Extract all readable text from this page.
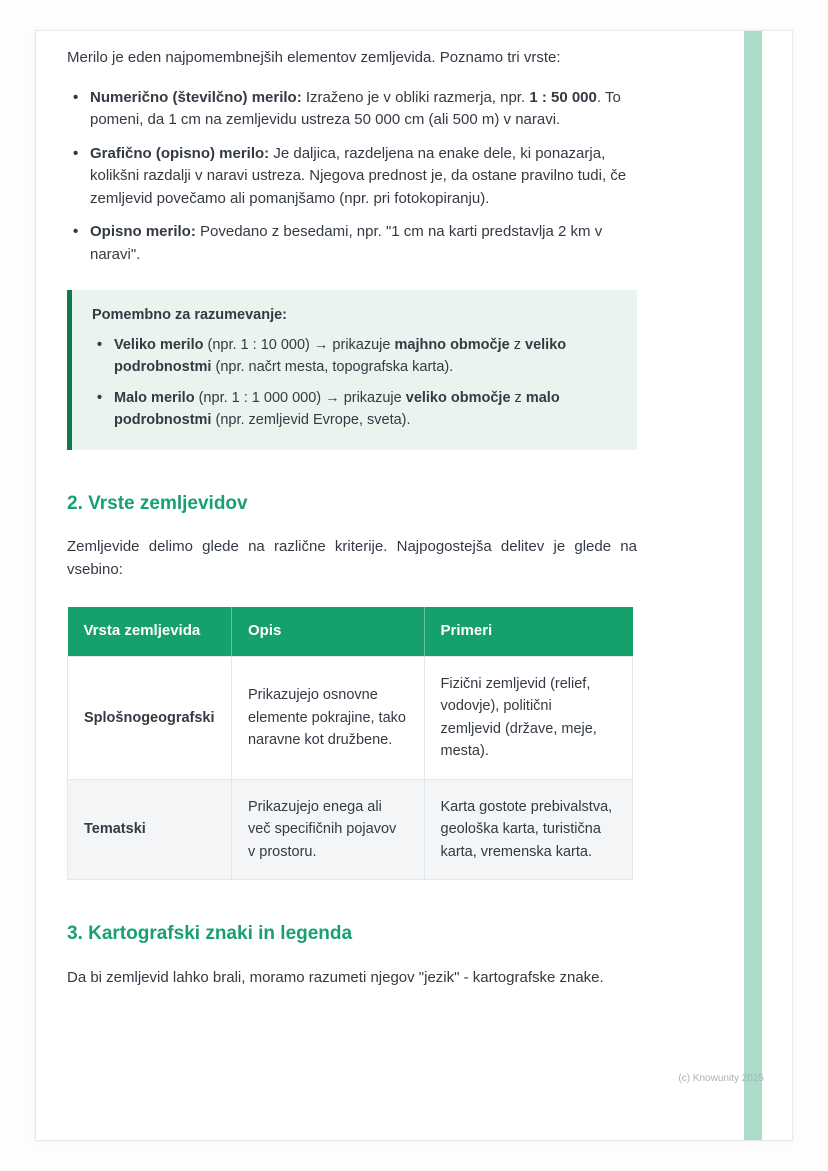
Merilo je eden najpomembnejših elementov zemljevida. Poznamo tri vrste:

• Numerično (številčno) merilo: Izraženo je v obliki razmerja, npr. 1 : 50 000. To pomeni, da 1 cm na zemljevidu ustreza 50 000 cm (ali 500 m) v naravi.
• Grafično (opisno) merilo: Je daljica, razdeljena na enake dele, ki ponazarja, kolikšni razdalji v naravi ustreza. Njegova prednost je, da ostane pravilno tudi, če zemljevid povečamo ali pomanjšamo (npr. pri fotokopiranju).
• Opisno merilo: Povedano z besedami, npr. "1 cm na karti predstavlja 2 km v naravi".

Pomembno za razumevanje:

• Veliko merilo (npr. 1 : 10 000) → prikazuje majhno območje z veliko podrobnostmi (npr. načrt mesta, topografska karta).
• Malo merilo (npr. 1 : 1 000 000) → prikazuje veliko območje z malo podrobnostmi (npr. zemljevid Evrope, sveta).
2. Vrste zemljevidov

Zemljevide delimo glede na različne kriterije. Najpogostejša delitev je glede na vsebino:

Vrsta zemljevida	Opis	Primeri
Splošnogeografski	Prikazujejo osnovne elemente pokrajine, tako naravne kot družbene.	Fizični zemljevid (relief, vodovje), politični zemljevid (države, meje, mesta).
Tematski	Prikazujejo enega ali več specifičnih pojavov v prostoru.	Karta gostote prebivalstva, geološka karta, turistična karta, vremenska karta.
3. Kartografski znaki in legenda

Da bi zemljevid lahko brali, moramo razumeti njegov "jezik" - kartografske znake.

(c) Knowunity 2025
